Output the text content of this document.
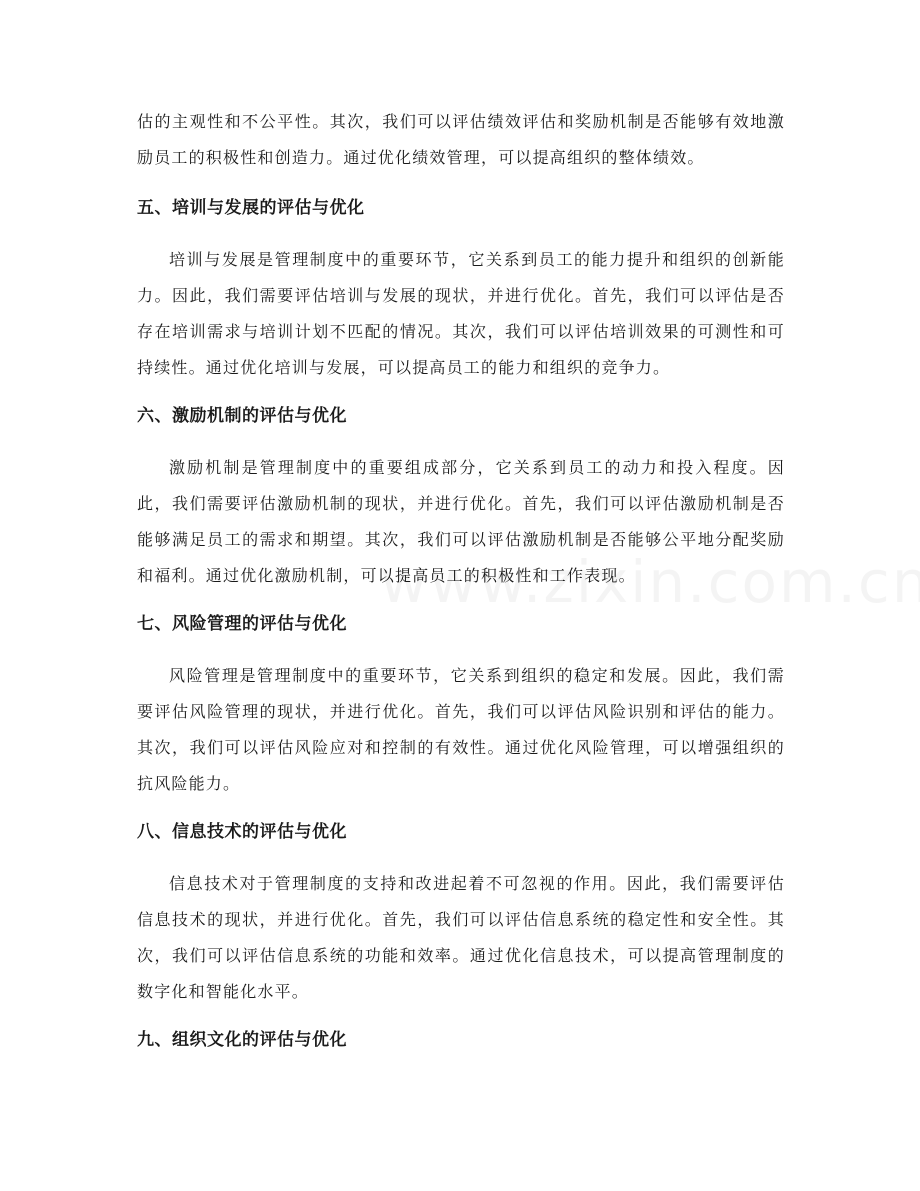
估的主观性和不公平性。其次，我们可以评估绩效评估和奖励机制是否能够有效地激励员工的积极性和创造力。通过优化绩效管理，可以提高组织的整体绩效。

五、培训与发展的评估与优化

培训与发展是管理制度中的重要环节，它关系到员工的能力提升和组织的创新能力。因此，我们需要评估培训与发展的现状，并进行优化。首先，我们可以评估是否存在培训需求与培训计划不匹配的情况。其次，我们可以评估培训效果的可测性和可持续性。通过优化培训与发展，可以提高员工的能力和组织的竞争力。

六、激励机制的评估与优化

激励机制是管理制度中的重要组成部分，它关系到员工的动力和投入程度。因此，我们需要评估激励机制的现状，并进行优化。首先，我们可以评估激励机制是否能够满足员工的需求和期望。其次，我们可以评估激励机制是否能够公平地分配奖励和福利。通过优化激励机制，可以提高员工的积极性和工作表现。

七、风险管理的评估与优化

风险管理是管理制度中的重要环节，它关系到组织的稳定和发展。因此，我们需要评估风险管理的现状，并进行优化。首先，我们可以评估风险识别和评估的能力。其次，我们可以评估风险应对和控制的有效性。通过优化风险管理，可以增强组织的抗风险能力。

八、信息技术的评估与优化

信息技术对于管理制度的支持和改进起着不可忽视的作用。因此，我们需要评估信息技术的现状，并进行优化。首先，我们可以评估信息系统的稳定性和安全性。其次，我们可以评估信息系统的功能和效率。通过优化信息技术，可以提高管理制度的数字化和智能化水平。

九、组织文化的评估与优化
